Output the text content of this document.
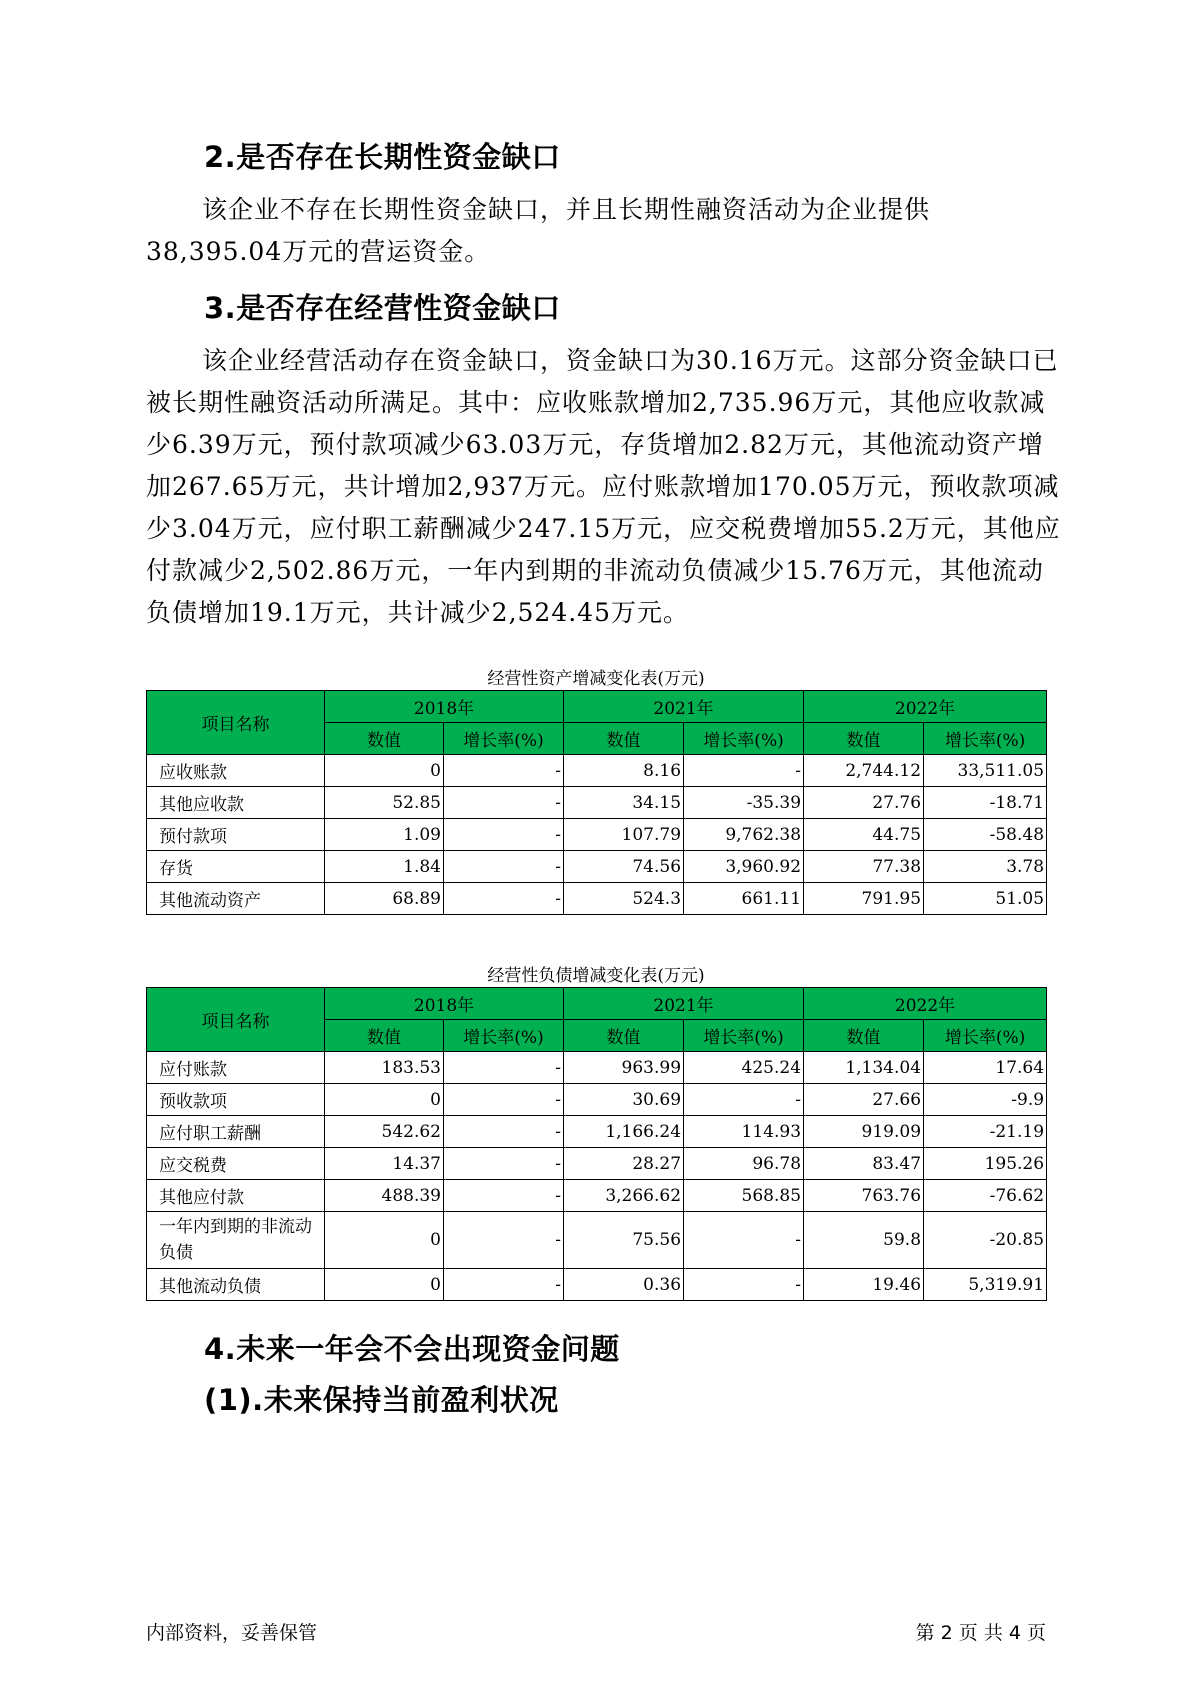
2.是否存在长期性资金缺口

该企业不存在长期性资金缺口，并且长期性融资活动为企业提供38,395.04万元的营运资金。

3.是否存在经营性资金缺口

该企业经营活动存在资金缺口，资金缺口为30.16万元。这部分资金缺口已被长期性融资活动所满足。其中：应收账款增加2,735.96万元，其他应收款减少6.39万元，预付款项减少63.03万元，存货增加2.82万元，其他流动资产增加267.65万元，共计增加2,937万元。应付账款增加170.05万元，预收款项减少3.04万元，应付职工薪酬减少247.15万元，应交税费增加55.2万元，其他应付款减少2,502.86万元，一年内到期的非流动负债减少15.76万元，其他流动负债增加19.1万元，共计减少2,524.45万元。

经营性资产增减变化表(万元)

项目名称	2018年		2021年		2022年	
	数值	增长率(%)	数值	增长率(%)	数值	增长率(%)
应收账款	0	-	8.16	-	2,744.12	33,511.05
其他应收款	52.85	-	34.15	-35.39	27.76	-18.71
预付款项	1.09	-	107.79	9,762.38	44.75	-58.48
存货	1.84	-	74.56	3,960.92	77.38	3.78
其他流动资产	68.89	-	524.3	661.11	791.95	51.05

经营性负债增减变化表(万元)

项目名称	2018年		2021年		2022年	
	数值	增长率(%)	数值	增长率(%)	数值	增长率(%)
应付账款	183.53	-	963.99	425.24	1,134.04	17.64
预收款项	0	-	30.69	-	27.66	-9.9
应付职工薪酬	542.62	-	1,166.24	114.93	919.09	-21.19
应交税费	14.37	-	28.27	96.78	83.47	195.26
其他应付款	488.39	-	3,266.62	568.85	763.76	-76.62
一年内到期的非流动负债	0	-	75.56	-	59.8	-20.85
其他流动负债	0	-	0.36	-	19.46	5,319.91
4.未来一年会不会出现资金问题
(1).未来保持当前盈利状况
内部资料，妥善保管	第 2 页 共 4 页
